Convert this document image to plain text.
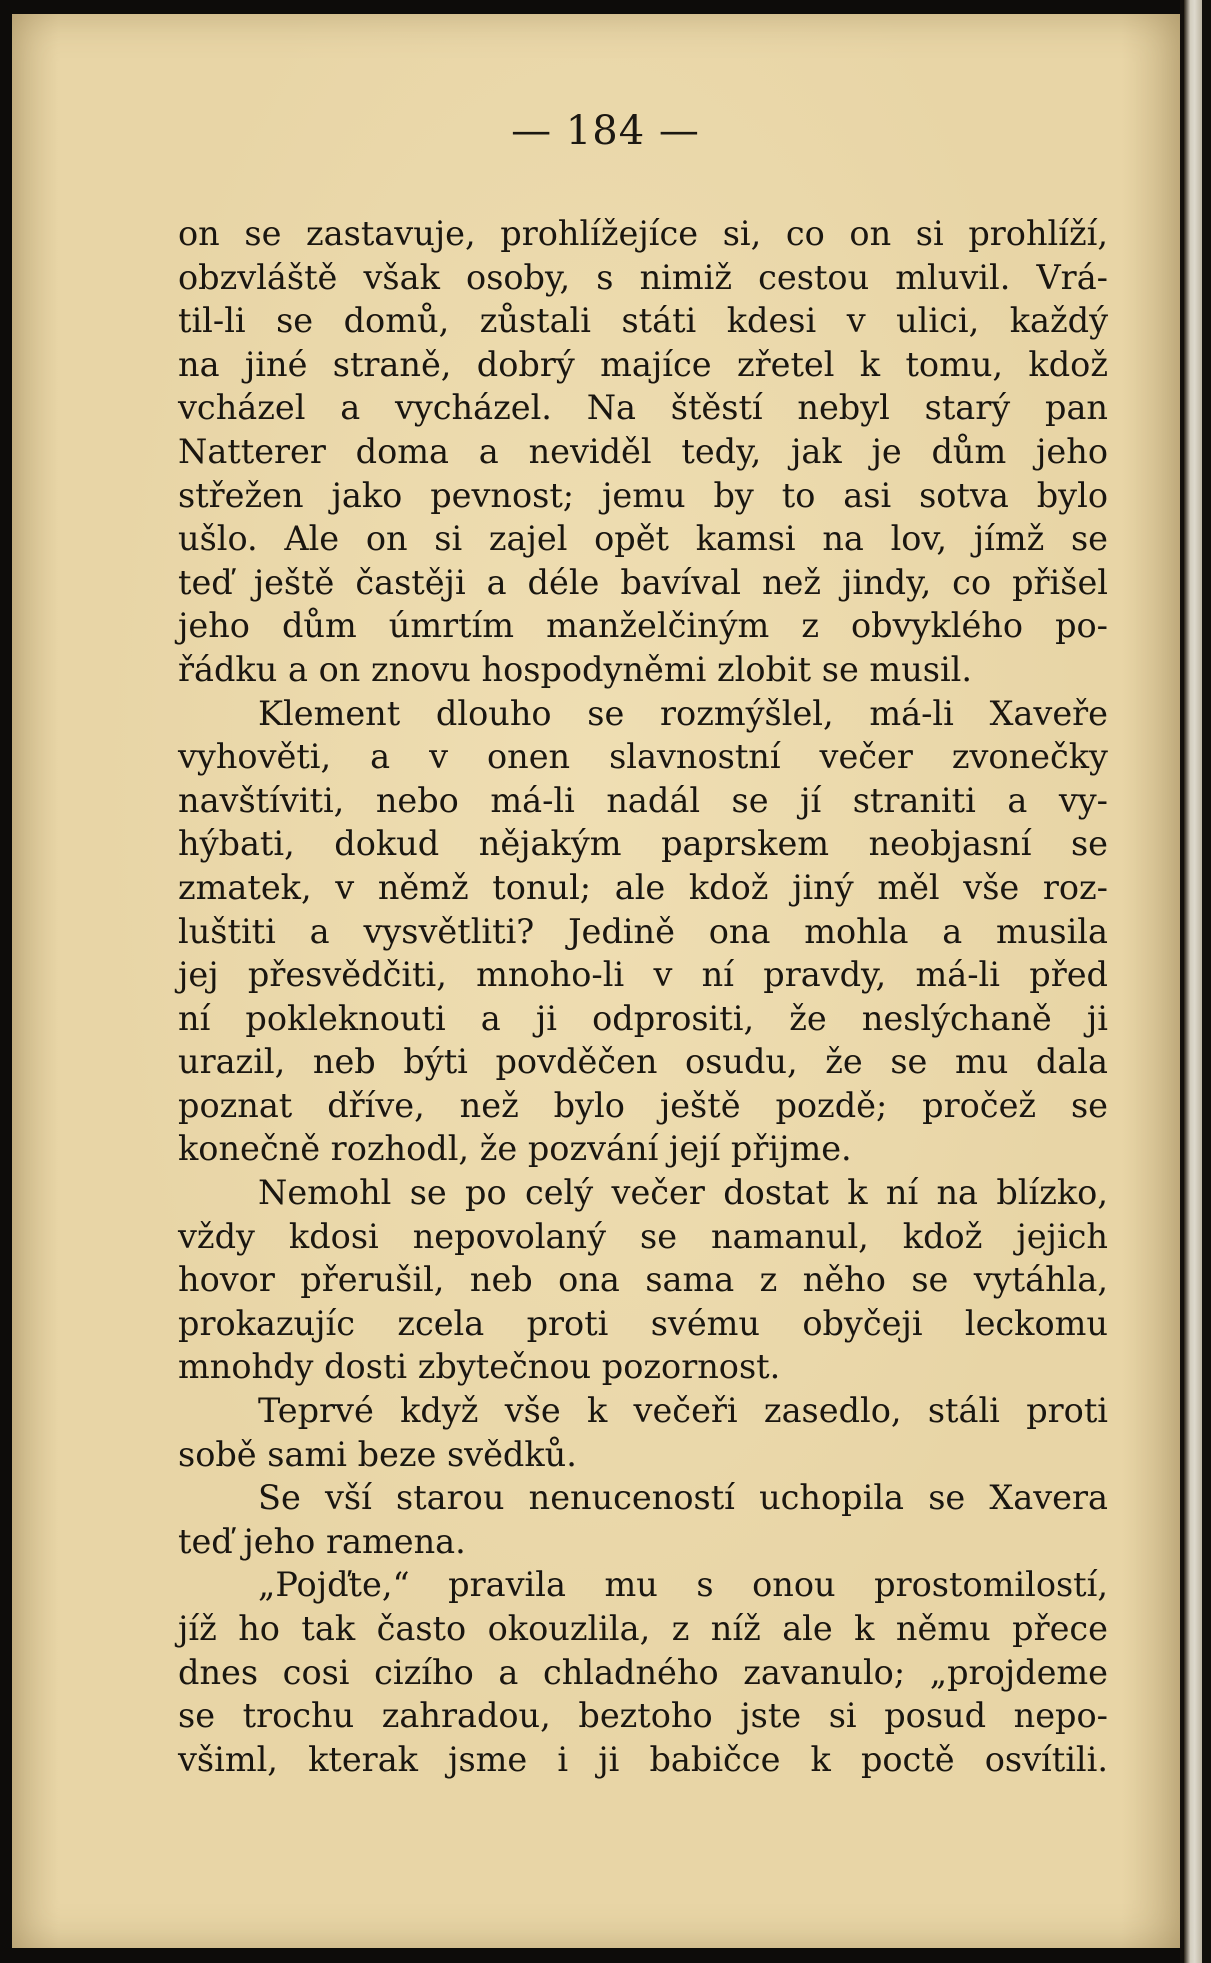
— 184 —
on se zastavuje, prohlížejíce si, co on si prohlíží,
obzvláště však osoby, s nimiž cestou mluvil. Vrá-
til-li se domů, zůstali státi kdesi v ulici, každý
na jiné straně, dobrý majíce zřetel k tomu, kdož
vcházel a vycházel. Na štěstí nebyl starý pan
Natterer doma a neviděl tedy, jak je dům jeho
střežen jako pevnost; jemu by to asi sotva bylo
ušlo. Ale on si zajel opět kamsi na lov, jímž se
teď ještě častěji a déle bavíval než jindy, co přišel
jeho dům úmrtím manželčiným z obvyklého po-
řádku a on znovu hospodyněmi zlobit se musil.
Klement dlouho se rozmýšlel, má-li Xaveře
vyhověti, a v onen slavnostní večer zvonečky
navštíviti, nebo má-li nadál se jí straniti a vy-
hýbati, dokud nějakým paprskem neobjasní se
zmatek, v němž tonul; ale kdož jiný měl vše roz-
luštiti a vysvětliti? Jedině ona mohla a musila
jej přesvědčiti, mnoho-li v ní pravdy, má-li před
ní pokleknouti a ji odprositi, že neslýchaně ji
urazil, neb býti povděčen osudu, že se mu dala
poznat dříve, než bylo ještě pozdě; pročež se
konečně rozhodl, že pozvání její přijme.
Nemohl se po celý večer dostat k ní na blízko,
vždy kdosi nepovolaný se namanul, kdož jejich
hovor přerušil, neb ona sama z něho se vytáhla,
prokazujíc zcela proti svému obyčeji leckomu
mnohdy dosti zbytečnou pozornost.
Teprvé když vše k večeři zasedlo, stáli proti
sobě sami beze svědků.
Se vší starou nenuceností uchopila se Xavera
teď jeho ramena.
„Pojďte,“ pravila mu s onou prostomilostí,
jíž ho tak často okouzlila, z níž ale k němu přece
dnes cosi cizího a chladného zavanulo; „projdeme
se trochu zahradou, beztoho jste si posud nepo-
všiml, kterak jsme i ji babičce k poctě osvítili.
